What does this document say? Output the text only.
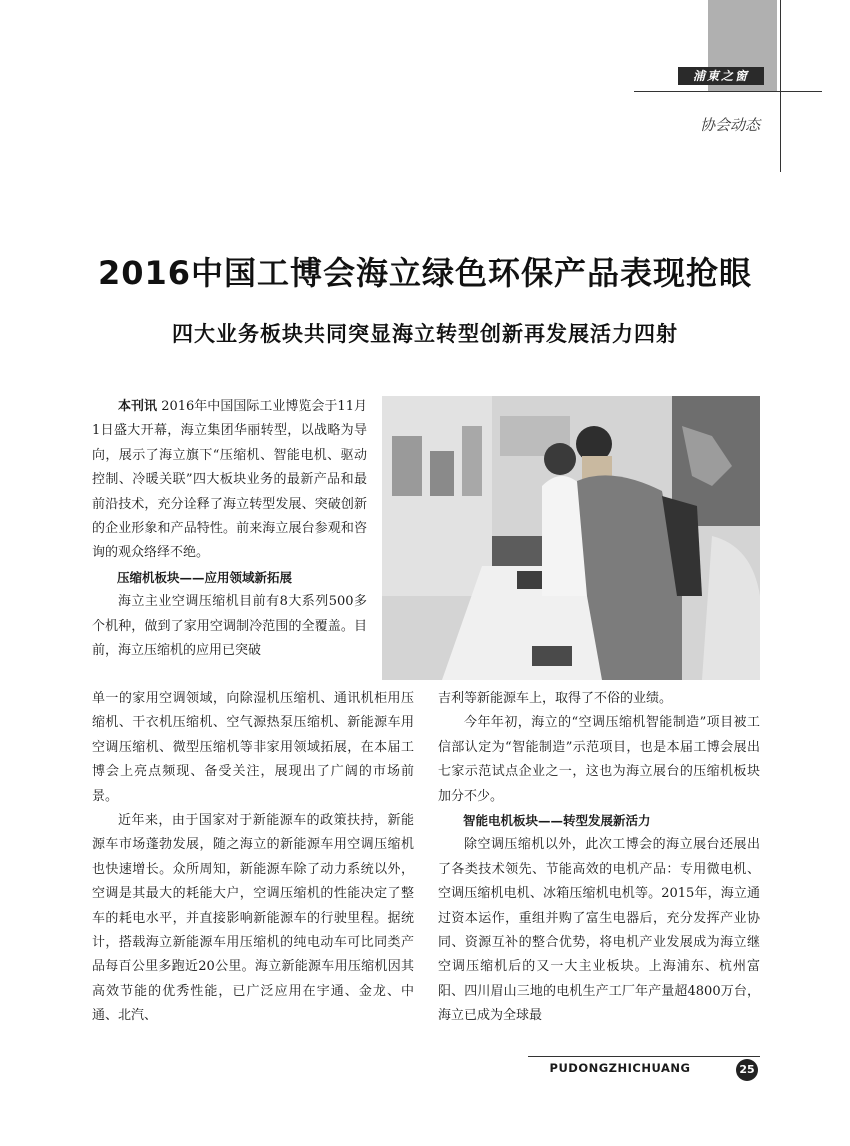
浦東之窗
协会动态
2016中国工博会海立绿色环保产品表现抢眼
四大业务板块共同突显海立转型创新再发展活力四射

本刊讯 2016年中国国际工业博览会于11月1日盛大开幕，海立集团华丽转型，以战略为导向，展示了海立旗下“压缩机、智能电机、驱动控制、冷暖关联”四大板块业务的最新产品和最前沿技术，充分诠释了海立转型发展、突破创新的企业形象和产品特性。前来海立展台参观和咨询的观众络绎不绝。

压缩机板块——应用领域新拓展

海立主业空调压缩机目前有8大系列500多个机种，做到了家用空调制冷范围的全覆盖。目前，海立压缩机的应用已突破

单一的家用空调领域，向除湿机压缩机、通讯机柜用压缩机、干衣机压缩机、空气源热泵压缩机、新能源车用空调压缩机、微型压缩机等非家用领域拓展，在本届工博会上亮点频现、备受关注，展现出了广阔的市场前景。

近年来，由于国家对于新能源车的政策扶持，新能源车市场蓬勃发展，随之海立的新能源车用空调压缩机也快速增长。众所周知，新能源车除了动力系统以外，空调是其最大的耗能大户，空调压缩机的性能决定了整车的耗电水平，并直接影响新能源车的行驶里程。据统计，搭载海立新能源车用压缩机的纯电动车可比同类产品每百公里多跑近20公里。海立新能源车用压缩机因其高效节能的优秀性能，已广泛应用在宇通、金龙、中通、北汽、

吉利等新能源车上，取得了不俗的业绩。

今年年初，海立的“空调压缩机智能制造”项目被工信部认定为“智能制造”示范项目，也是本届工博会展出七家示范试点企业之一，这也为海立展台的压缩机板块加分不少。

智能电机板块——转型发展新活力

除空调压缩机以外，此次工博会的海立展台还展出了各类技术领先、节能高效的电机产品：专用微电机、空调压缩机电机、冰箱压缩机电机等。2015年，海立通过资本运作，重组并购了富生电器后，充分发挥产业协同、资源互补的整合优势，将电机产业发展成为海立继空调压缩机后的又一大主业板块。上海浦东、杭州富阳、四川眉山三地的电机生产工厂年产量超4800万台，海立已成为全球最

PUDONGZHICHUANG	25
